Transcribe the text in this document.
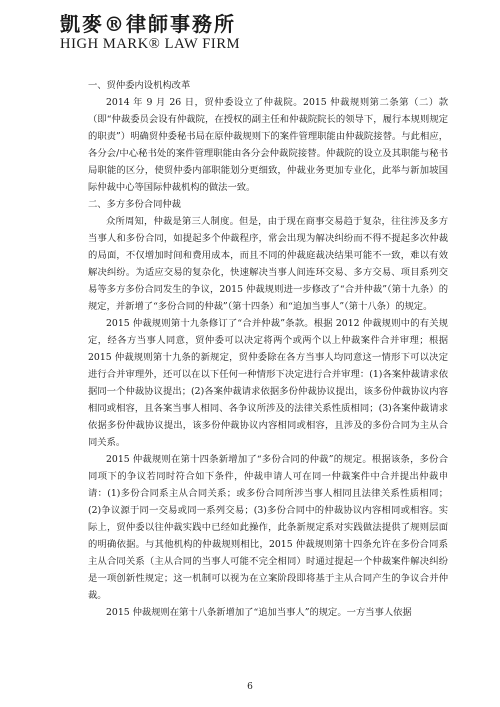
凱麥®律師事務所
HIGH MARK® LAW FIRM

一、贸仲委内设机构改革

2014 年 9 月 26 日，贸仲委设立了仲裁院。2015 仲裁规则第二条第（二）款（即“仲裁委员会设有仲裁院，在授权的副主任和仲裁院院长的领导下，履行本规则规定的职责”）明确贸仲委秘书局在原仲裁规则下的案件管理职能由仲裁院接替。与此相应，各分会/中心秘书处的案件管理职能由各分会仲裁院接替。仲裁院的设立及其职能与秘书局职能的区分，使贸仲委内部职能划分更细致，仲裁业务更加专业化，此举与新加坡国际仲裁中心等国际仲裁机构的做法一致。

二、多方多份合同仲裁

众所周知，仲裁是第三人制度。但是，由于现在商事交易趋于复杂，往往涉及多方当事人和多份合同，如提起多个仲裁程序，常会出现为解决纠纷而不得不提起多次仲裁的局面，不仅增加时间和费用成本，而且不同的仲裁庭裁决结果可能不一致，难以有效解决纠纷。为适应交易的复杂化，快速解决当事人间连环交易、多方交易、项目系列交易等多方多份合同发生的争议，2015 仲裁规则进一步修改了“合并仲裁”（第十九条）的规定，并新增了“多份合同的仲裁”（第十四条）和“追加当事人”（第十八条）的规定。

2015 仲裁规则第十九条修订了“合并仲裁”条款。根据 2012 仲裁规则中的有关规定，经各方当事人同意，贸仲委可以决定将两个或两个以上仲裁案件合并审理；根据 2015 仲裁规则第十九条的新规定，贸仲委除在各方当事人均同意这一情形下可以决定进行合并审理外，还可以在以下任何一种情形下决定进行合并审理：(1)各案仲裁请求依据同一个仲裁协议提出；(2)各案仲裁请求依据多份仲裁协议提出，该多份仲裁协议内容相同或相容，且各案当事人相同、各争议所涉及的法律关系性质相同；(3)各案仲裁请求依据多份仲裁协议提出，该多份仲裁协议内容相同或相容，且涉及的多份合同为主从合同关系。

2015 仲裁规则在第十四条新增加了“多份合同的仲裁”的规定。根据该条，多份合同项下的争议若同时符合如下条件，仲裁申请人可在同一仲裁案件中合并提出仲裁申请：(1)多份合同系主从合同关系；或多份合同所涉当事人相同且法律关系性质相同；(2)争议源于同一交易或同一系列交易；(3)多份合同中的仲裁协议内容相同或相容。实际上，贸仲委以往仲裁实践中已经如此操作，此条新规定系对实践做法提供了规则层面的明确依据。与其他机构的仲裁规则相比，2015 仲裁规则第十四条允许在多份合同系主从合同关系（主从合同的当事人可能不完全相同）时通过提起一个仲裁案件解决纠纷是一项创新性规定；这一机制可以视为在立案阶段即将基于主从合同产生的争议合并仲裁。

2015 仲裁规则在第十八条新增加了“追加当事人”的规定。一方当事人依据

6
